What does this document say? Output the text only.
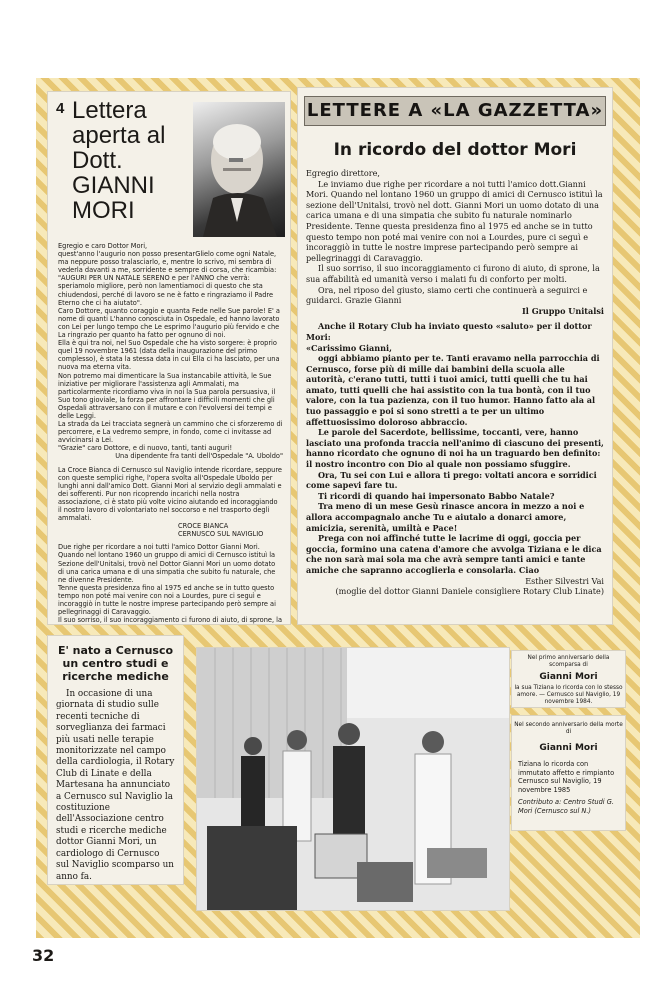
4 Lettera aperta al Dott. GIANNI MORI

Egregio e caro Dottor Mori,

quest'anno l'augurio non posso presentarGlielo come ogni Natale, ma neppure posso tralasciarlo, e, mentre lo scrivo, mi sembra di vederla davanti a me, sorridente e sempre di corsa, che ricambia: "AUGURI PER UN NATALE SERENO e per l'ANNO che verrà: speriamolo migliore, però non lamentiamoci di questo che sta chiudendosi, perché di lavoro se ne è fatto e ringraziamo il Padre Eterno che ci ha aiutato".

Caro Dottore, quanto coraggio e quanta Fede nelle Sue parole! E' a nome di quanti L'hanno conosciuta in Ospedale, ed hanno lavorato con Lei per lungo tempo che Le esprimo l'augurio più fervido e che La ringrazio per quanto ha fatto per ognuno di noi.

Ella è qui tra noi, nel Suo Ospedale che ha visto sorgere: è proprio quel 19 novembre 1961 (data della inaugurazione del primo complesso), è stata la stessa data in cui Ella ci ha lasciato, per una nuova ma eterna vita.

Non potremo mai dimenticare la Sua instancabile attività, le Sue iniziative per migliorare l'assistenza agli Ammalati, ma particolarmente ricordiamo viva in noi la Sua parola persuasiva, il Suo tono gioviale, la forza per affrontare i difficili momenti che gli Ospedali attraversano con il mutare e con l'evolversi dei tempi e delle Leggi.

La strada da Lei tracciata segnerà un cammino che ci sforzeremo di percorrere, e La vedremo sempre, in fondo, come ci invitasse ad avvicinarsi a Lei.

"Grazie" caro Dottore, e di nuovo, tanti, tanti auguri!

Una dipendente fra tanti dell'Ospedale "A. Uboldo"

La Croce Bianca di Cernusco sul Naviglio intende ricordare, seppure con queste semplici righe, l'opera svolta all'Ospedale Uboldo per lunghi anni dall'amico Dott. Gianni Mori al servizio degli ammalati e dei sofferenti. Pur non ricoprendo incarichi nella nostra associazione, ci è stato più volte vicino aiutando ed incoraggiando il nostro lavoro di volontariato nel soccorso e nel trasporto degli ammalati.

CROCE BIANCA

CERNUSCO SUL NAVIGLIO

Due righe per ricordare a noi tutti l'amico Dottor Gianni Mori. Quando nel lontano 1960 un gruppo di amici di Cernusco istituì la Sezione dell'Unitalsi, trovò nel Dottor Gianni Mori un uomo dotato di una carica umana e di una simpatia che subito fu naturale, che ne divenne Presidente.

Tenne questa presidenza fino al 1975 ed anche se in tutto questo tempo non poté mai venire con noi a Lourdes, pure ci seguì e incoraggiò in tutte le nostre imprese partecipando però sempre ai pellegrinaggi di Caravaggio.

Il suo sorriso, il suo incoraggiamento ci furono di aiuto, di sprone, la

LETTERE A «LA GAZZETTA»
In ricordo del dottor Mori

Egregio direttore,

Le inviamo due righe per ricordare a noi tutti l'amico dott.Gianni Mori. Quando nel lontano 1960 un gruppo di amici di Cernusco istituì la sezione dell'Unitalsi, trovò nel dott. Gianni Mori un uomo dotato di una carica umana e di una simpatia che subito fu naturale nominarlo Presidente. Tenne questa presidenza fino al 1975 ed anche se in tutto questo tempo non poté mai venire con noi a Lourdes, pure ci seguì e incoraggiò in tutte le nostre imprese partecipando però sempre ai pellegrinaggi di Caravaggio.

Il suo sorriso, il suo incoraggiamento ci furono di aiuto, di sprone, la sua affabilità ed umanità verso i malati fu di conforto per molti.

Ora, nel riposo del giusto, siamo certi che continuerà a seguirci e guidarci. Grazie Gianni

Il Gruppo Unitalsi

Anche il Rotary Club ha inviato questo «saluto» per il dottor Mori:

«Carissimo Gianni,

oggi abbiamo pianto per te. Tanti eravamo nella parrocchia di Cernusco, forse più di mille dai bambini della scuola alle autorità, c'erano tutti, tutti i tuoi amici, tutti quelli che tu hai amato, tutti quelli che hai assistito con la tua bontà, con il tuo valore, con la tua pazienza, con il tuo humor. Hanno fatto ala al tuo passaggio e poi si sono stretti a te per un ultimo affettuosissimo doloroso abbraccio.

Le parole del Sacerdote, bellissime, toccanti, vere, hanno lasciato una profonda traccia nell'animo di ciascuno dei presenti, hanno ricordato che ognuno di noi ha un traguardo ben definito: il nostro incontro con Dio al quale non possiamo sfuggire.

Ora, Tu sei con Lui e allora ti prego: voltati ancora e sorridici come sapevi fare tu.

Ti ricordi di quando hai impersonato Babbo Natale?

Tra meno di un mese Gesù rinasce ancora in mezzo a noi e allora accompagnalo anche Tu e aiutalo a donarci amore, amicizia, serenità, umiltà e Pace!

Prega con noi affinché tutte le lacrime di oggi, goccia per goccia, formino una catena d'amore che avvolga Tiziana e le dica che non sarà mai sola ma che avrà sempre tanti amici e tante amiche che sapranno accoglierla e consolarla. Ciao

Esther Silvestri Vai

(moglie del dottor Gianni Daniele consigliere Rotary Club Linate)

E' nato a Cernusco un centro studi e ricerche mediche

In occasione di una giornata di studio sulle recenti tecniche di sorveglianza dei farmaci più usati nelle terapie monitorizzate nel campo della cardiologia, il Rotary Club di Linate e della Martesana ha annunciato a Cernusco sul Naviglio la costituzione dell'Associazione centro studi e ricerche mediche dottor Gianni Mori, un cardiologo di Cernusco sul Naviglio scomparso un anno fa.

Nel primo anniversario della scomparsa di

Gianni Mori

la sua Tiziana lo ricorda con lo stesso amore. — Cernusco sul Naviglio, 19 novembre 1984.

Nel secondo anniversario della morte di

Gianni Mori

Tiziana lo ricorda con immutato affetto e rimpianto

Cernusco sul Naviglio, 19 novembre 1985

Contributo a: Centro Studi G. Mori (Cernusco sul N.)

32
